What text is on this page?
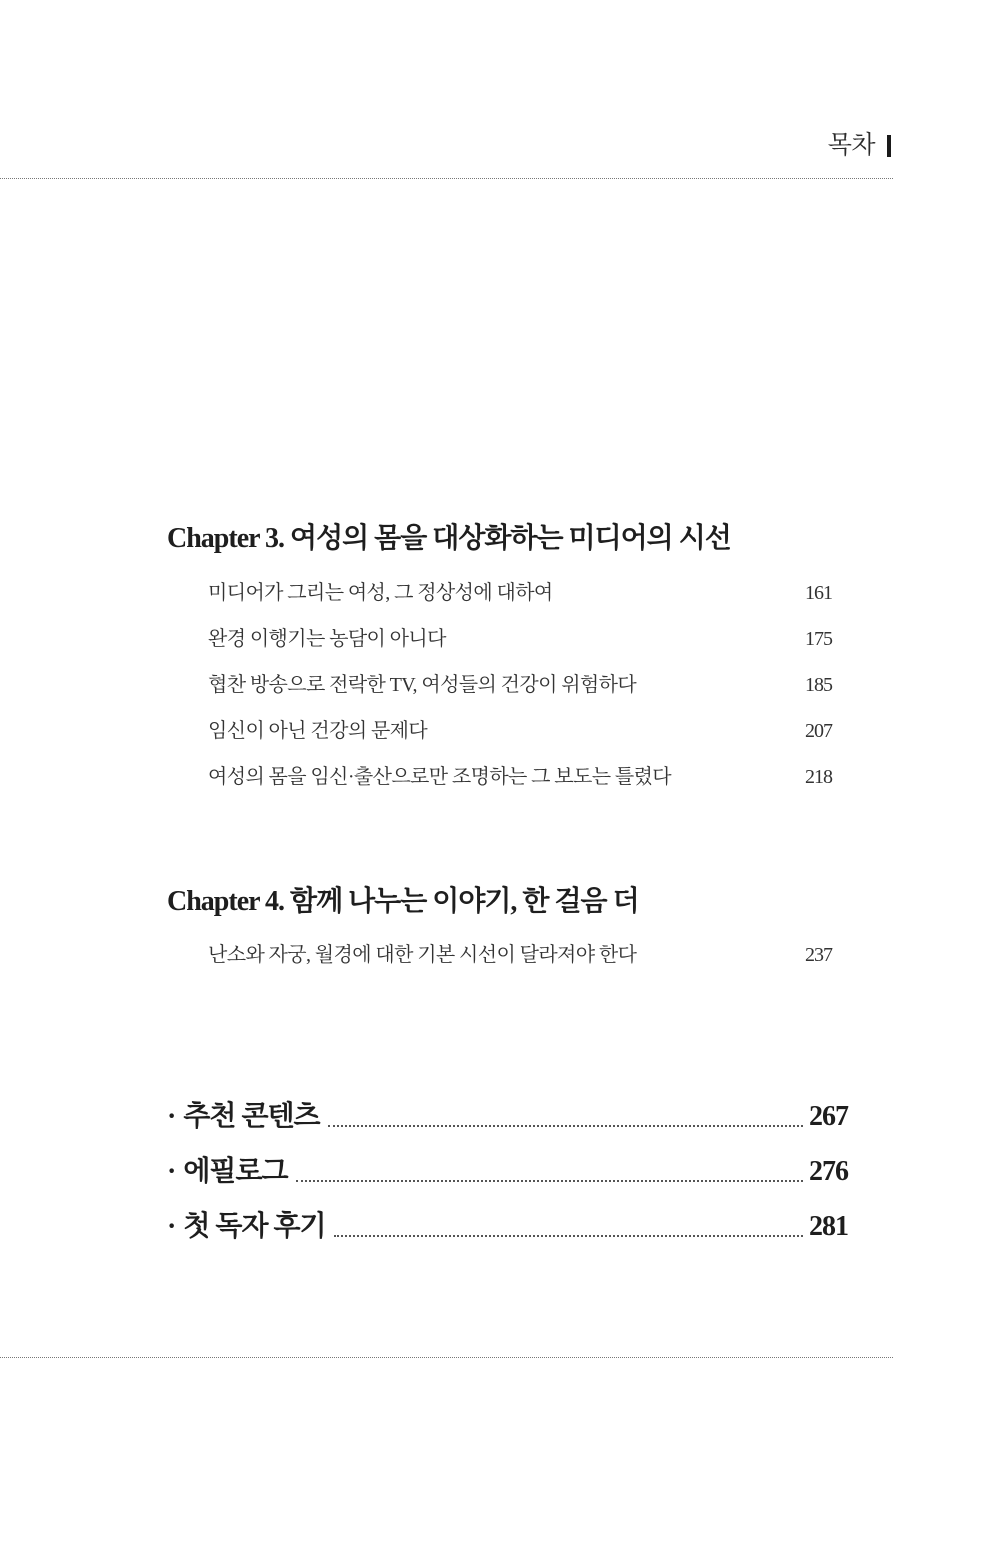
목차
Chapter 3. 여성의 몸을 대상화하는 미디어의 시선
미디어가 그리는 여성, 그 정상성에 대하여	161
완경 이행기는 농담이 아니다	175
협찬 방송으로 전락한 TV, 여성들의 건강이 위험하다	185
임신이 아닌 건강의 문제다	207
여성의 몸을 임신·출산으로만 조명하는 그 보도는 틀렸다	218
Chapter 4. 함께 나누는 이야기, 한 걸음 더
난소와 자궁, 월경에 대한 기본 시선이 달라져야 한다	237
· 추천 콘텐츠	267
· 에필로그	276
· 첫 독자 후기	281
